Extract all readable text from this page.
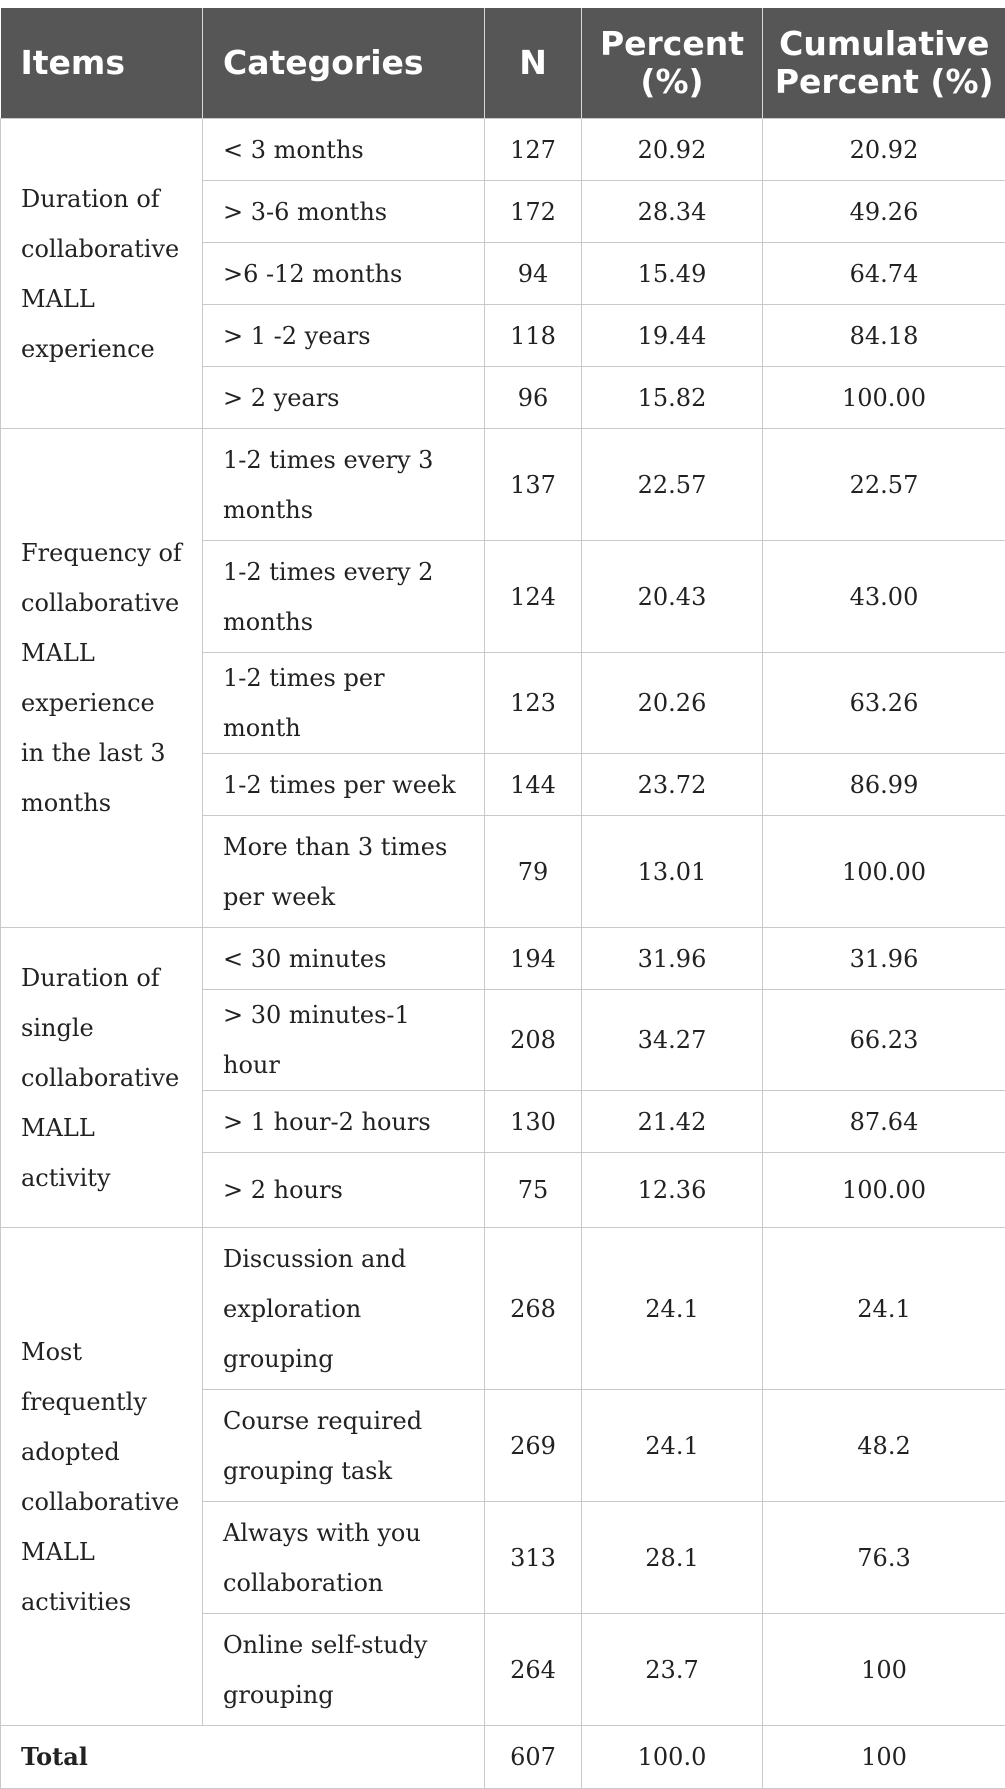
Items	Categories	N	Percent (%)	Cumulative Percent (%)
Duration of collaborative MALL experience	< 3 months	127	20.92	20.92
	> 3-6 months	172	28.34	49.26
	>6 -12 months	94	15.49	64.74
	> 1 -2 years	118	19.44	84.18
	> 2 years	96	15.82	100.00
Frequency of collaborative MALL experience in the last 3 months	1-2 times every 3 months	137	22.57	22.57
	1-2 times every 2 months	124	20.43	43.00
	1-2 times per month	123	20.26	63.26
	1-2 times per week	144	23.72	86.99
	More than 3 times per week	79	13.01	100.00
Duration of single collaborative MALL activity	< 30 minutes	194	31.96	31.96
	> 30 minutes-1 hour	208	34.27	66.23
	> 1 hour-2 hours	130	21.42	87.64
	> 2 hours	75	12.36	100.00
Most frequently adopted collaborative MALL activities	Discussion and exploration grouping	268	24.1	24.1
	Course required grouping task	269	24.1	48.2
	Always with you collaboration	313	28.1	76.3
	Online self-study grouping	264	23.7	100
Total		607	100.0	100
